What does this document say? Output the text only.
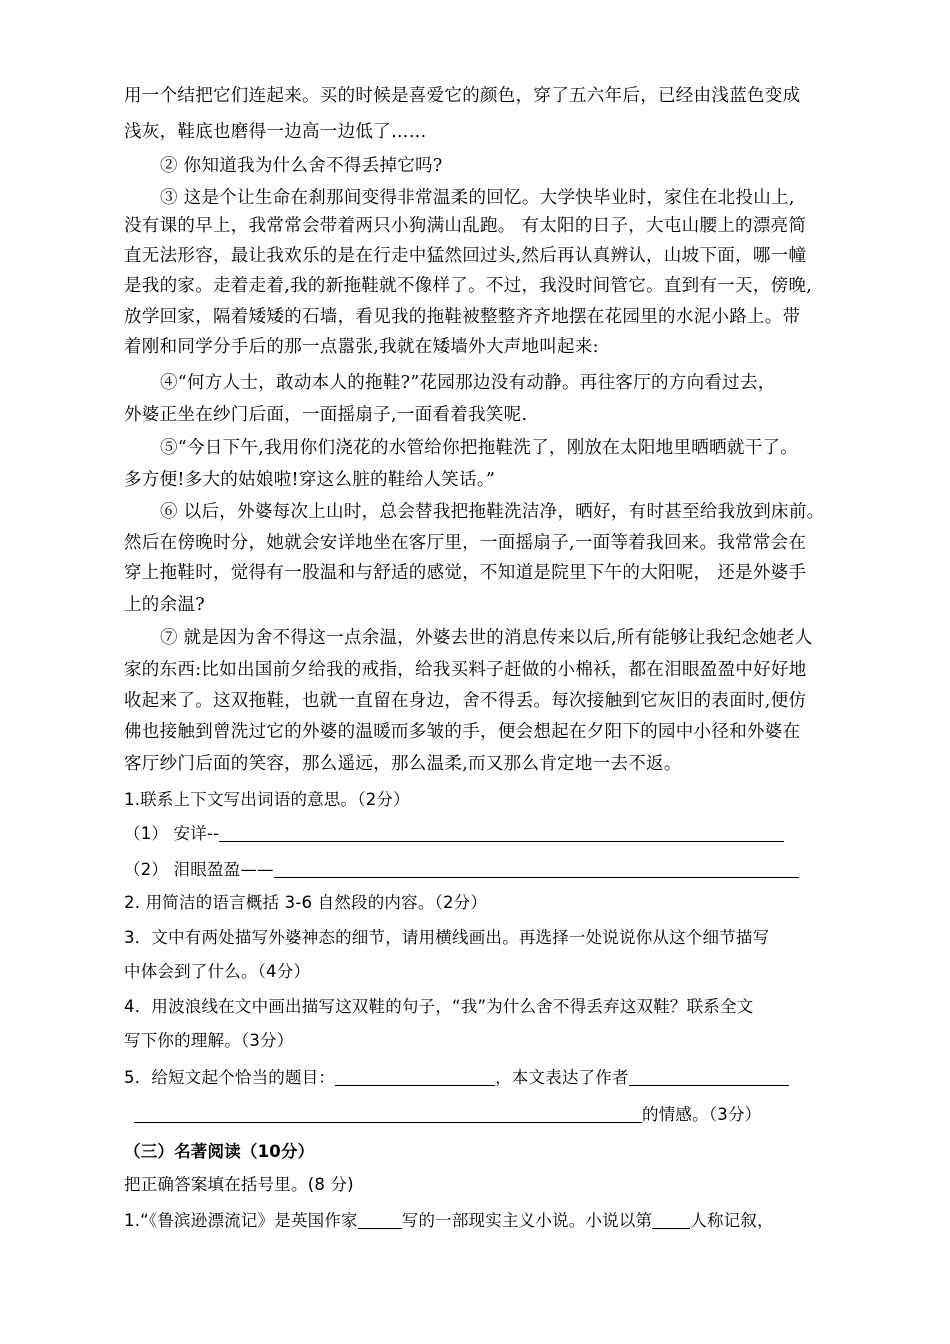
用一个结把它们连起来。买的时候是喜爱它的颜色，穿了五六年后，已经由浅蓝色变成
浅灰，鞋底也磨得一边高一边低了……
② 你知道我为什么舍不得丢掉它吗?
③ 这是个让生命在刹那间变得非常温柔的回忆。大学快毕业时，家住在北投山上,
没有课的早上，我常常会带着两只小狗满山乱跑。 有太阳的日子，大屯山腰上的漂亮简
直无法形容，最让我欢乐的是在行走中猛然回过头,然后再认真辨认，山坡下面，哪一幢
是我的家。走着走着,我的新拖鞋就不像样了。不过，我没时间管它。直到有一天，傍晚,
放学回家，隔着矮矮的石墙，看见我的拖鞋被整整齐齐地摆在花园里的水泥小路上。带
着刚和同学分手后的那一点嚣张,我就在矮墙外大声地叫起来:
④“何方人士，敢动本人的拖鞋?”花园那边没有动静。再往客厅的方向看过去，
外婆正坐在纱门后面，一面摇扇子,一面看着我笑呢.
⑤“今日下午,我用你们浇花的水管给你把拖鞋洗了，刚放在太阳地里晒晒就干了。
多方便!多大的姑娘啦!穿这么脏的鞋给人笑话。”
⑥ 以后，外婆每次上山时，总会替我把拖鞋洗洁净，晒好，有时甚至给我放到床前。
然后在傍晚时分，她就会安详地坐在客厅里，一面摇扇子,一面等着我回来。我常常会在
穿上拖鞋时，觉得有一股温和与舒适的感觉，不知道是院里下午的大阳呢， 还是外婆手
上的余温?
⑦ 就是因为舍不得这一点余温，外婆去世的消息传来以后,所有能够让我纪念她老人
家的东西:比如出国前夕给我的戒指，给我买料子赶做的小棉袄，都在泪眼盈盈中好好地
收起来了。这双拖鞋，也就一直留在身边，舍不得丢。每次接触到它灰旧的表面时,便仿
佛也接触到曾洗过它的外婆的温暖而多皱的手，便会想起在夕阳下的园中小径和外婆在
客厅纱门后面的笑容，那么遥远，那么温柔,而又那么肯定地一去不返。
1.联系上下文写出词语的意思。（2分）
（1） 安详--
（2） 泪眼盈盈——
2. 用简洁的语言概括 3-6 自然段的内容。（2分）
3．文中有两处描写外婆神态的细节，请用横线画出。再选择一处说说你从这个细节描写
中体会到了什么。（4分）
4．用波浪线在文中画出描写这双鞋的句子，“我”为什么舍不得丢弃这双鞋？联系全文
写下你的理解。（3分）
5．给短文起个恰当的题目：	，本文表达了作者
的情感。（3分）
（三）名著阅读（10分）
把正确答案填在括号里。(8 分)
1.“《鲁滨逊漂流记》是英国作家	写的一部现实主义小说。小说以第 人称记叙，
